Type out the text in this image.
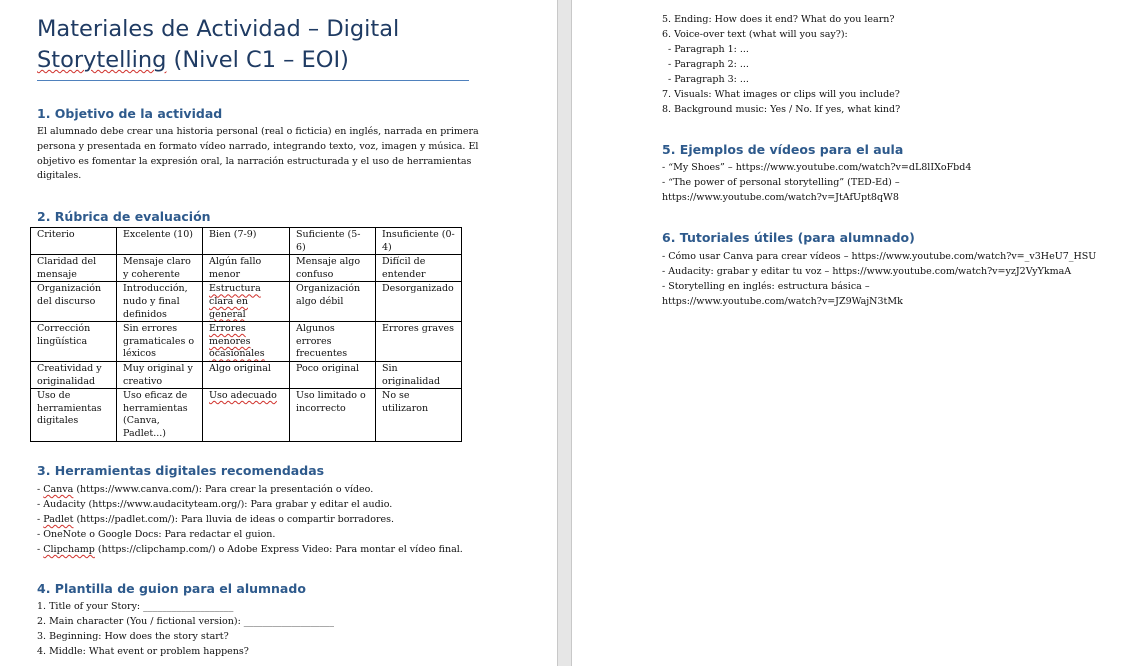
Materiales de Actividad – Digital
Storytelling (Nivel C1 – EOI)
1. Objetivo de la actividad
El alumnado debe crear una historia personal (real o ficticia) en inglés, narrada en primera
persona y presentada en formato vídeo narrado, integrando texto, voz, imagen y música. El
objetivo es fomentar la expresión oral, la narración estructurada y el uso de herramientas
digitales.
2. Rúbrica de evaluación
Criterio	Excelente (10)	Bien (7-9)	Suficiente (5-6)	Insuficiente (0-4)
Claridad del mensaje	Mensaje claro y coherente	Algún fallo menor	Mensaje algo confuso	Difícil de entender
Organización del discurso	Introducción, nudo y final definidos	Estructura clara en general	Organización algo débil	Desorganizado
Corrección lingüística	Sin errores gramaticales o léxicos	Errores menores ocasionales	Algunos errores frecuentes	Errores graves
Creatividad y originalidad	Muy original y creativo	Algo original	Poco original	Sin originalidad
Uso de herramientas digitales	Uso eficaz de herramientas (Canva, Padlet...)	Uso adecuado	Uso limitado o incorrecto	No se utilizaron
3. Herramientas digitales recomendadas
- Canva (https://www.canva.com/): Para crear la presentación o vídeo.
- Audacity (https://www.audacityteam.org/): Para grabar y editar el audio.
- Padlet (https://padlet.com/): Para lluvia de ideas o compartir borradores.
- OneNote o Google Docs: Para redactar el guion.
- Clipchamp (https://clipchamp.com/) o Adobe Express Video: Para montar el vídeo final.
4. Plantilla de guion para el alumnado
1. Title of your Story: ___________________
2. Main character (You / fictional version): ___________________
3. Beginning: How does the story start?
4. Middle: What event or problem happens?
5. Ending: How does it end? What do you learn?
6. Voice-over text (what will you say?):
- Paragraph 1: ...
- Paragraph 2: ...
- Paragraph 3: ...
7. Visuals: What images or clips will you include?
8. Background music: Yes / No. If yes, what kind?
5. Ejemplos de vídeos para el aula
- “My Shoes” – https://www.youtube.com/watch?v=dL8lIXoFbd4
- “The power of personal storytelling” (TED-Ed) –
https://www.youtube.com/watch?v=JtAfUpt8qW8
6. Tutoriales útiles (para alumnado)
- Cómo usar Canva para crear vídeos – https://www.youtube.com/watch?v=_v3HeU7_HSU
- Audacity: grabar y editar tu voz – https://www.youtube.com/watch?v=yzJ2VyYkmaA
- Storytelling en inglés: estructura básica –
https://www.youtube.com/watch?v=JZ9WajN3tMk
